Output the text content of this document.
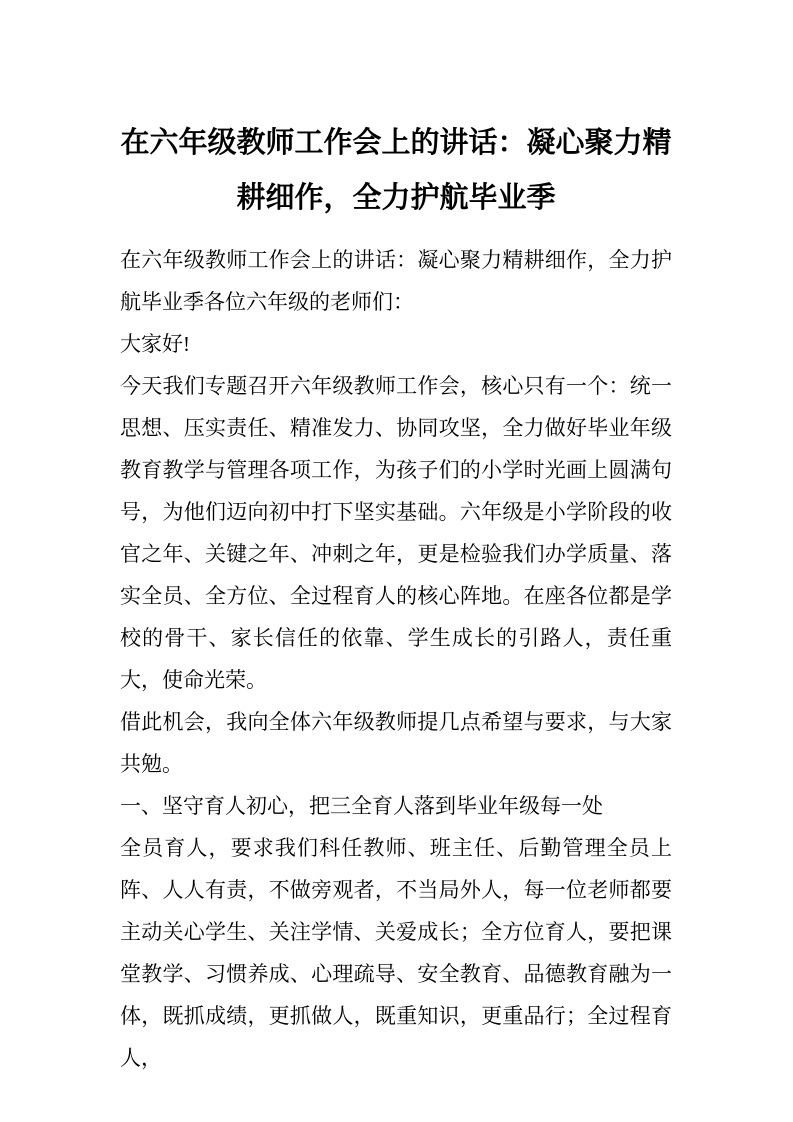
在六年级教师工作会上的讲话：凝心聚力精耕细作，全力护航毕业季

在六年级教师工作会上的讲话：凝心聚力精耕细作，全力护航毕业季各位六年级的老师们：

大家好!

今天我们专题召开六年级教师工作会，核心只有一个：统一思想、压实责任、精准发力、协同攻坚，全力做好毕业年级教育教学与管理各项工作，为孩子们的小学时光画上圆满句号，为他们迈向初中打下坚实基础。六年级是小学阶段的收官之年、关键之年、冲刺之年，更是检验我们办学质量、落实全员、全方位、全过程育人的核心阵地。在座各位都是学校的骨干、家长信任的依靠、学生成长的引路人，责任重大，使命光荣。

借此机会，我向全体六年级教师提几点希望与要求，与大家共勉。

一、坚守育人初心，把三全育人落到毕业年级每一处

全员育人，要求我们科任教师、班主任、后勤管理全员上阵、人人有责，不做旁观者，不当局外人，每一位老师都要主动关心学生、关注学情、关爱成长；全方位育人，要把课堂教学、习惯养成、心理疏导、安全教育、品德教育融为一体，既抓成绩，更抓做人，既重知识，更重品行；全过程育人，
